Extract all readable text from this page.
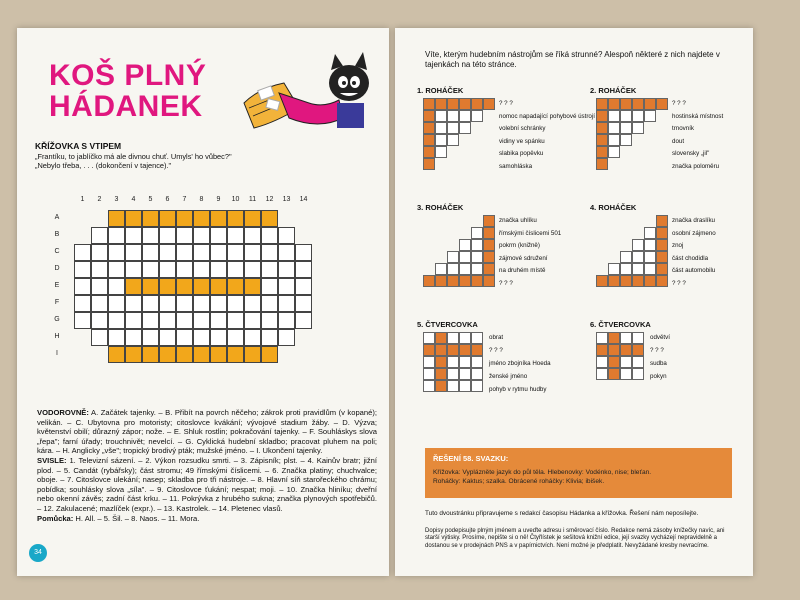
KOŠ PLNÝ
HÁDANEK
KŘÍŽOVKA S VTIPEM
„Frantíku, to jablíčko má ale divnou chuť. Umyls' ho vůbec?"
„Nebylo třeba, . . . (dokončení v tajence)."
1	2	3	4	5	6	7	8	9	10	11	12	13	14
A
B
C
D
E
F
G
H
I
VODOROVNĚ: A. Začátek tajenky. – B. Přibít na povrch něčeho; zákrok proti pravidlům (v kopané); velikán. – C. Ubytovna pro motoristy; citoslovce kvákání; vývojové stadium žáby. – D. Výzva; květenství obilí; důrazný zápor; nože. – E. Shluk rostlin; pokračování tajenky. – F. Souhláskys slova „řepa"; farní úřady; trouchnivět; nevelcí. – G. Cyklická hudební skladbo; pracovat pluhem na poli; kára. – H. Anglicky „vše"; tropický brodivý pták; mužské jméno. – I. Ukončení tajenky.
SVISLE: 1. Televizní sázení. – 2. Výkon rozsudku smrti. – 3. Zápisník; plst. – 4. Kainův bratr; jižní plod. – 5. Candát (rybářsky); část stromu; 49 římskými číslicemi. – 6. Značka platiny; chuchvalce; oboje. – 7. Citoslovce ulekání; nasep; skladba pro tři nástroje. – 8. Hlavní síň starořeckého chrámu; pobídka; souhlásky slova „síla". – 9. Citoslovce ťukání; nespat; moji. – 10. Značka hliníku; dveřní nebo okenní závěs; zadní část krku. – 11. Pokrývka z hrubého sukna; značka plynových spotřebičů. – 12. Zakulacené; mazlíček (expr.). – 13. Kastrolek. – 14. Pletenec vlasů.
Pomůcka: H. All. – 5. Šil. – 8. Naos. – 11. Mora.
34
Víte, kterým hudebním nástrojům se říká strunné? Alespoň některé z nich najdete v tajenkách na této stránce.
1. ROHÁČEK
? ? ?
nomoc napadající pohybové ústrojí
volební schránky
vidiny ve spánku
slabika popěvku
samohláska
2. ROHÁČEK
? ? ?
hostinská místnost
trnovník
dout
slovensky „jil"
značka poloměru
3. ROHÁČEK
značka uhlíku
římskými číslicemi 501
pokrm (knižně)
zájmové sdružení
na druhém místě
? ? ?
4. ROHÁČEK
značka draslíku
osobní zájmeno
znoj
část chodidla
část automobilu
? ? ?
5. ČTVERCOVKA
obrat
? ? ?
jméno zbojníka Hoeda
ženské jméno
pohyb v rytmu hudby
6. ČTVERCOVKA
odvětví
? ? ?
sudba
pokyn
ŘEŠENÍ 58. SVAZKU:
Křížovka: Vyplázněte jazyk do půl těla. Hlebenovky: Vodénko, nise; bleťan.
Roháčky: Kaktus; szalka. Obrácené roháčky: Klivia; ibišek.
Tuto dvoustránku připravujeme s redakcí časopisu Hádanka a křížovka. Řešení nám neposílejte.
Dopisy podepisujte plným jménem a uveďte adresu i směrovací číslo. Redakce nemá zásoby knížečky navíc, ani starší výtisky. Prosíme, nepište si o ně! Čtyřlístek je sešitová knižní edice, její svazky vycházejí nepravidelně a dostanou se v prodejnách PNS a v papírnictvích. Není možné je předplatit. Nevyžádané kresby nevracíme.
